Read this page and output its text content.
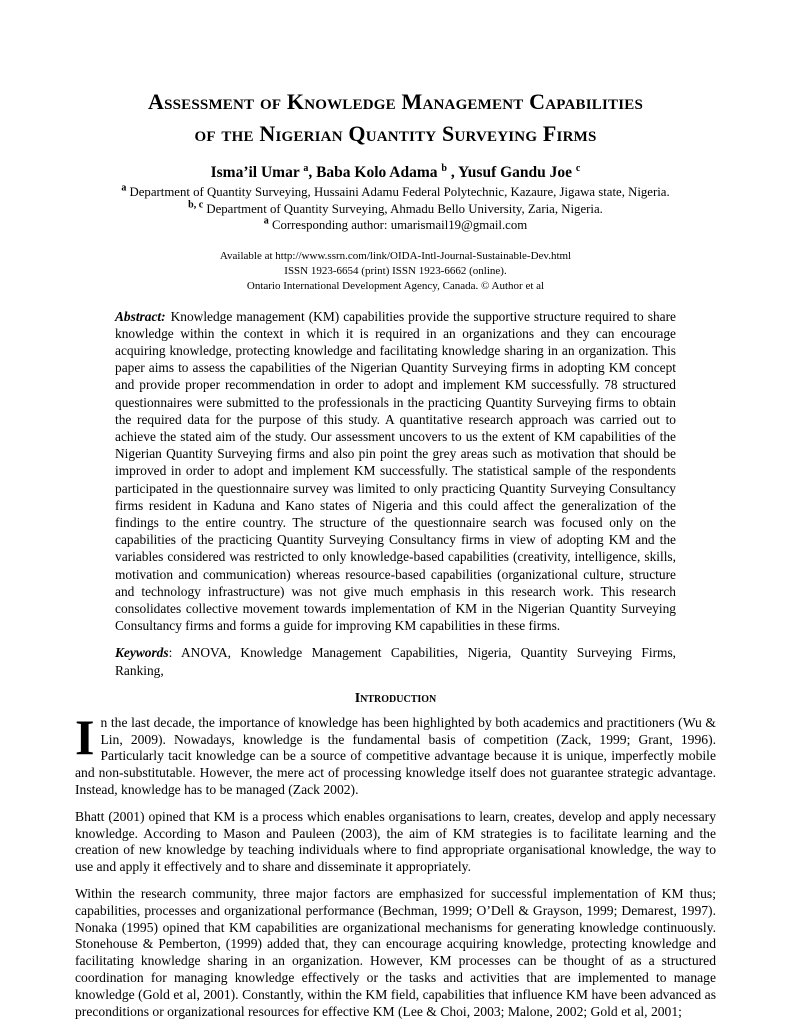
Assessment of Knowledge Management Capabilities
of the Nigerian Quantity Surveying Firms
Isma’il Umar $^a$, Baba Kolo Adama $^b$ , Yusuf Gandu Joe $^c$
$^a$ Department of Quantity Surveying, Hussaini Adamu Federal Polytechnic, Kazaure, Jigawa state, Nigeria.
$^{b, c}$ Department of Quantity Surveying, Ahmadu Bello University, Zaria, Nigeria.
$^a$ Corresponding author: umarismail19@gmail.com
Available at http://www.ssrn.com/link/OIDA-Intl-Journal-Sustainable-Dev.html
ISSN 1923-6654 (print) ISSN 1923-6662 (online).
Ontario International Development Agency, Canada. © Author et al

Abstract: Knowledge management (KM) capabilities provide the supportive structure required to share knowledge within the context in which it is required in an organizations and they can encourage acquiring knowledge, protecting knowledge and facilitating knowledge sharing in an organization. This paper aims to assess the capabilities of the Nigerian Quantity Surveying firms in adopting KM concept and provide proper recommendation in order to adopt and implement KM successfully. 78 structured questionnaires were submitted to the professionals in the practicing Quantity Surveying firms to obtain the required data for the purpose of this study. A quantitative research approach was carried out to achieve the stated aim of the study. Our assessment uncovers to us the extent of KM capabilities of the Nigerian Quantity Surveying firms and also pin point the grey areas such as motivation that should be improved in order to adopt and implement KM successfully. The statistical sample of the respondents participated in the questionnaire survey was limited to only practicing Quantity Surveying Consultancy firms resident in Kaduna and Kano states of Nigeria and this could affect the generalization of the findings to the entire country. The structure of the questionnaire search was focused only on the capabilities of the practicing Quantity Surveying Consultancy firms in view of adopting KM and the variables considered was restricted to only knowledge-based capabilities (creativity, intelligence, skills, motivation and communication) whereas resource-based capabilities (organizational culture, structure and technology infrastructure) was not give much emphasis in this research work. This research consolidates collective movement towards implementation of KM in the Nigerian Quantity Surveying Consultancy firms and forms a guide for improving KM capabilities in these firms.

Keywords: ANOVA, Knowledge Management Capabilities, Nigeria, Quantity Surveying Firms, Ranking,

Introduction

In the last decade, the importance of knowledge has been highlighted by both academics and practitioners (Wu & Lin, 2009). Nowadays, knowledge is the fundamental basis of competition (Zack, 1999; Grant, 1996). Particularly tacit knowledge can be a source of competitive advantage because it is unique, imperfectly mobile and non-substitutable. However, the mere act of processing knowledge itself does not guarantee strategic advantage. Instead, knowledge has to be managed (Zack 2002).

Bhatt (2001) opined that KM is a process which enables organisations to learn, creates, develop and apply necessary knowledge. According to Mason and Pauleen (2003), the aim of KM strategies is to facilitate learning and the creation of new knowledge by teaching individuals where to find appropriate organisational knowledge, the way to use and apply it effectively and to share and disseminate it appropriately.

Within the research community, three major factors are emphasized for successful implementation of KM thus; capabilities, processes and organizational performance (Bechman, 1999; O’Dell & Grayson, 1999; Demarest, 1997). Nonaka (1995) opined that KM capabilities are organizational mechanisms for generating knowledge continuously. Stonehouse & Pemberton, (1999) added that, they can encourage acquiring knowledge, protecting knowledge and facilitating knowledge sharing in an organization. However, KM processes can be thought of as a structured coordination for managing knowledge effectively or the tasks and activities that are implemented to manage knowledge (Gold et al, 2001). Constantly, within the KM field, capabilities that influence KM have been advanced as preconditions or organizational resources for effective KM (Lee & Choi, 2003; Malone, 2002; Gold et al, 2001;
